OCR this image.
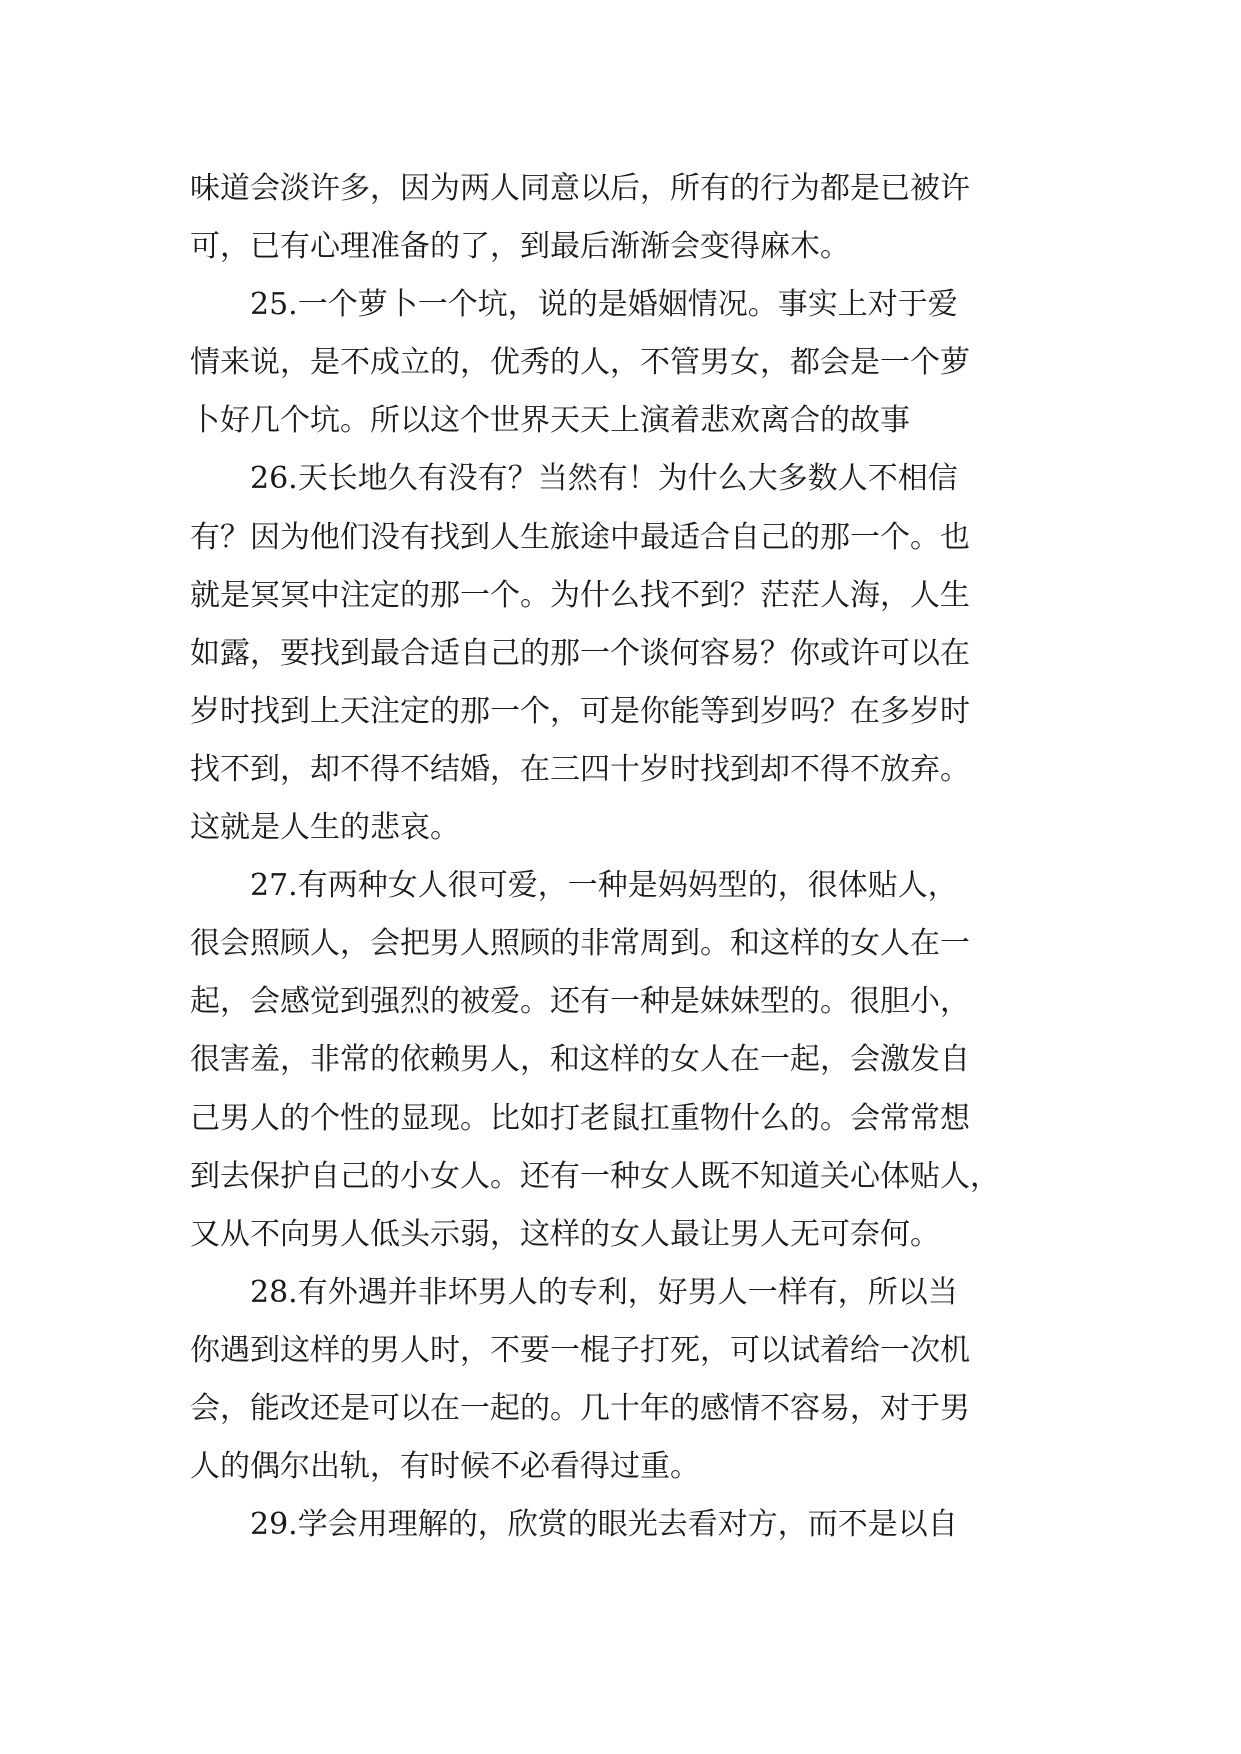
味道会淡许多，因为两人同意以后，所有的行为都是已被许
可，已有心理准备的了，到最后渐渐会变得麻木。
　　25.一个萝卜一个坑，说的是婚姻情况。事实上对于爱
情来说，是不成立的，优秀的人，不管男女，都会是一个萝
卜好几个坑。所以这个世界天天上演着悲欢离合的故事
　　26.天长地久有没有？当然有！为什么大多数人不相信
有？因为他们没有找到人生旅途中最适合自己的那一个。也
就是冥冥中注定的那一个。为什么找不到？茫茫人海，人生
如露，要找到最合适自己的那一个谈何容易？你或许可以在
岁时找到上天注定的那一个，可是你能等到岁吗？在多岁时
找不到，却不得不结婚，在三四十岁时找到却不得不放弃。
这就是人生的悲哀。
　　27.有两种女人很可爱，一种是妈妈型的，很体贴人，
很会照顾人，会把男人照顾的非常周到。和这样的女人在一
起，会感觉到强烈的被爱。还有一种是妹妹型的。很胆小，
很害羞，非常的依赖男人，和这样的女人在一起，会激发自
己男人的个性的显现。比如打老鼠扛重物什么的。会常常想
到去保护自己的小女人。还有一种女人既不知道关心体贴人，
又从不向男人低头示弱，这样的女人最让男人无可奈何。
　　28.有外遇并非坏男人的专利，好男人一样有，所以当
你遇到这样的男人时，不要一棍子打死，可以试着给一次机
会，能改还是可以在一起的。几十年的感情不容易，对于男
人的偶尔出轨，有时候不必看得过重。
　　29.学会用理解的，欣赏的眼光去看对方，而不是以自
